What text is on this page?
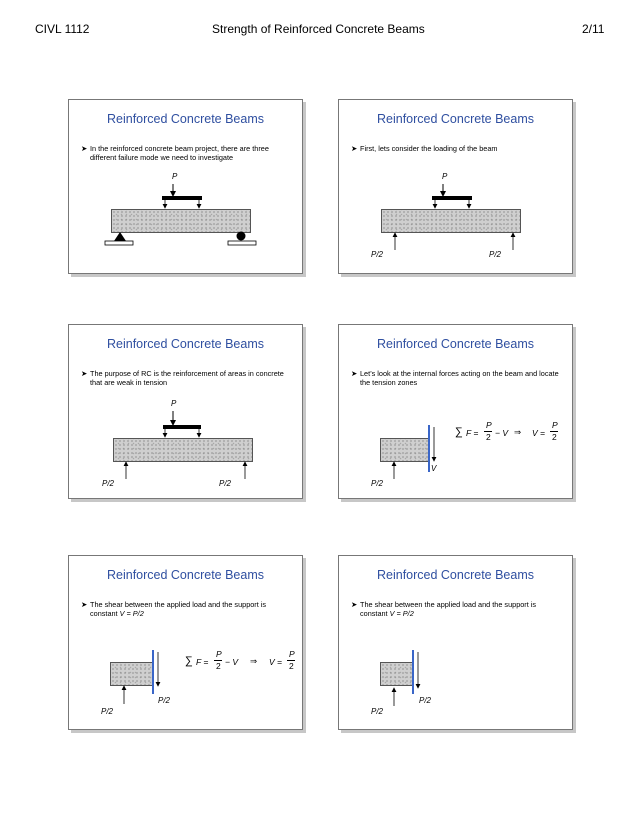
CIVL 1112	Strength of Reinforced Concrete Beams	2/11
Reinforced Concrete Beams
➤ In the reinforced concrete beam project, there are three different failure mode we need to investigate
P
Reinforced Concrete Beams
➤ First, lets consider the loading of the beam
P
P/2	P/2
Reinforced Concrete Beams
➤ The purpose of RC is the reinforcement of areas in concrete that are weak in tension
P
P/2	P/2
Reinforced Concrete Beams
➤ Let’s look at the internal forces acting on the beam and locate the tension zones
∑ F =
P
2 − V ⇒ V =
P
2
V
P/2
Reinforced Concrete Beams
➤ The shear between the applied load and the support is constant V = P/2
∑ F =
P
2 − V ⇒ V =
P
2
P/2
P/2
Reinforced Concrete Beams
➤ The shear between the applied load and the support is constant V = P/2
P/2
P/2
